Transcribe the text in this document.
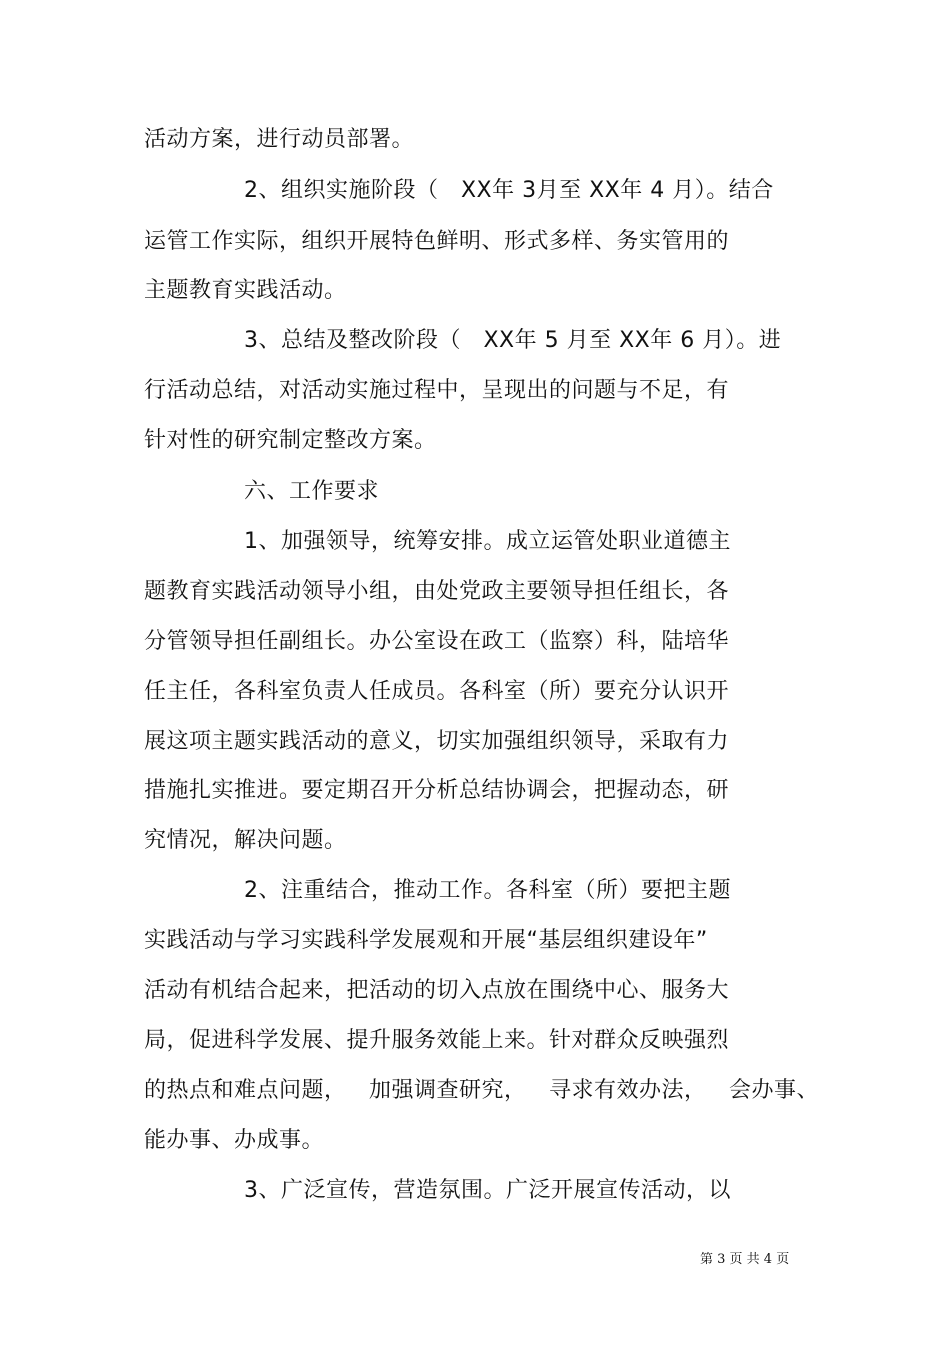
活动方案，进行动员部署。
2、组织实施阶段（   XX年 3月至 XX年 4 月）。结合
运管工作实际，组织开展特色鲜明、形式多样、务实管用的
主题教育实践活动。
3、总结及整改阶段（   XX年 5 月至 XX年 6 月）。进
行活动总结，对活动实施过程中，呈现出的问题与不足，有
针对性的研究制定整改方案。
六、工作要求
1、加强领导，统筹安排。成立运管处职业道德主
题教育实践活动领导小组，由处党政主要领导担任组长，各
分管领导担任副组长。办公室设在政工（监察）科，陆培华
任主任，各科室负责人任成员。各科室（所）要充分认识开
展这项主题实践活动的意义，切实加强组织领导，采取有力
措施扎实推进。要定期召开分析总结协调会，把握动态，研
究情况，解决问题。
2、注重结合，推动工作。各科室（所）要把主题
实践活动与学习实践科学发展观和开展“基层组织建设年”
活动有机结合起来，把活动的切入点放在围绕中心、服务大
局，促进科学发展、提升服务效能上来。针对群众反映强烈
的热点和难点问题，   加强调查研究，   寻求有效办法，   会办事、
能办事、办成事。
3、广泛宣传，营造氛围。广泛开展宣传活动，以
第 3 页 共 4 页
